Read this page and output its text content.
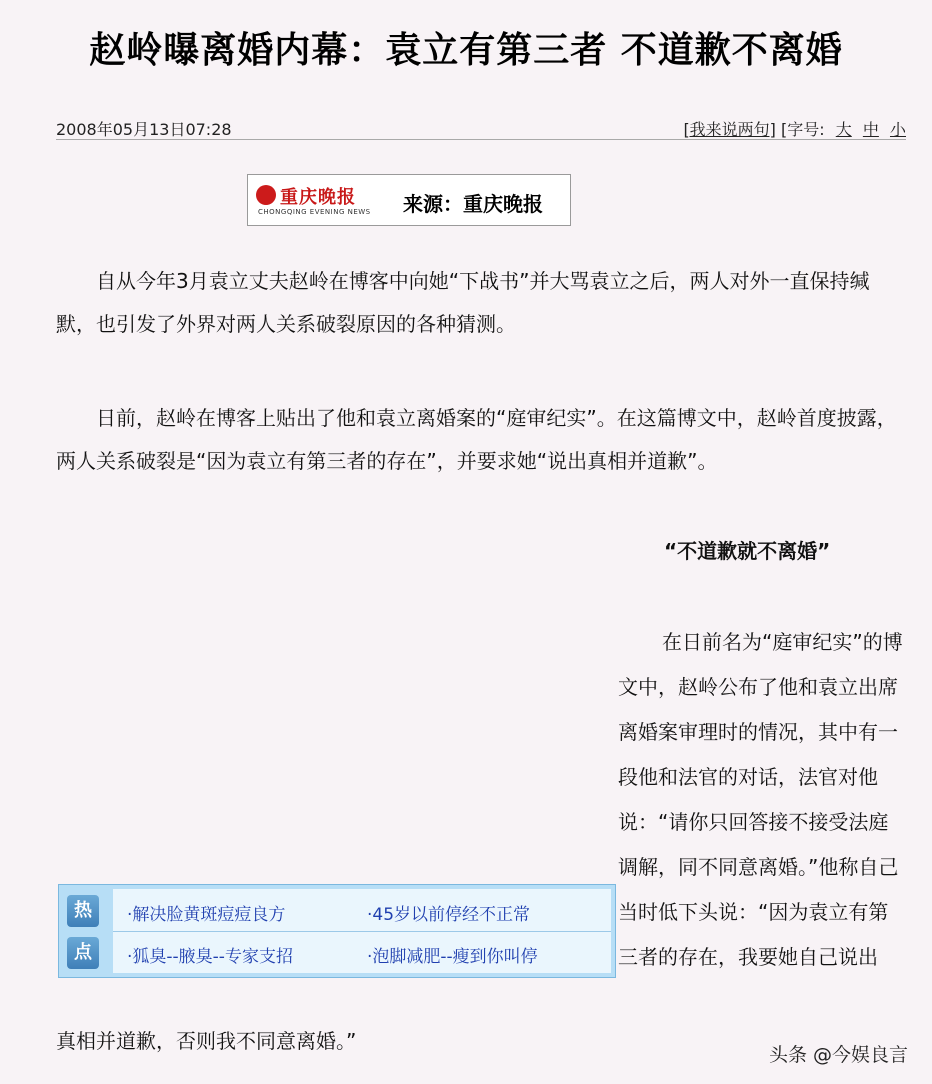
赵岭曝离婚内幕：袁立有第三者 不道歉不离婚
2008年05月13日07:28	[我来说两句] [字号: 大 中 小
重庆晚报
CHONGQING EVENING NEWS 来源：重庆晚报
　　自从今年3月袁立丈夫赵岭在博客中向她“下战书”并大骂袁立之后，两人对外一直保持缄默，也引发了外界对两人关系破裂原因的各种猜测。
　　日前，赵岭在博客上贴出了他和袁立离婚案的“庭审纪实”。在这篇博文中，赵岭首度披露，两人关系破裂是“因为袁立有第三者的存在”，并要求她“说出真相并道歉”。
“不道歉就不离婚”
在日前名为“庭审纪实”的博文中，赵岭公布了他和袁立出席离婚案审理时的情况，其中有一段他和法官的对话，法官对他说：“请你只回答接不接受法庭调解，同不同意离婚。”他称自己当时低下头说：“因为袁立有第三者的存在，我要她自己说出
热
点
·解决脸黄斑痘痘良方	·45岁以前停经不正常
·狐臭--腋臭--专家支招	·泡脚减肥--瘦到你叫停
真相并道歉，否则我不同意离婚。”
头条 @今娱良言
